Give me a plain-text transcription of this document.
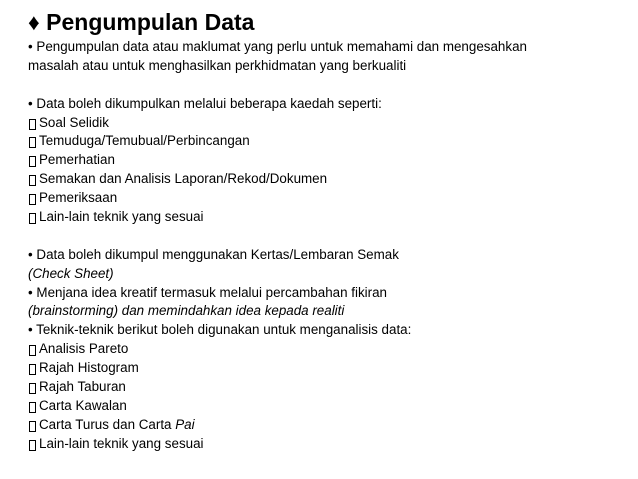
♦ Pengumpulan Data
• Pengumpulan data atau maklumat yang perlu untuk memahami dan mengesahkan
masalah atau untuk menghasilkan perkhidmatan yang berkualiti
• Data boleh dikumpulkan melalui beberapa kaedah seperti:
Soal Selidik
Temuduga/Temubual/Perbincangan
Pemerhatian
Semakan dan Analisis Laporan/Rekod/Dokumen
Pemeriksaan
Lain-lain teknik yang sesuai
• Data boleh dikumpul menggunakan Kertas/Lembaran Semak
(Check Sheet)
• Menjana idea kreatif termasuk melalui percambahan fikiran
(brainstorming) dan memindahkan idea kepada realiti
• Teknik-teknik berikut boleh digunakan untuk menganalisis data:
Analisis Pareto
Rajah Histogram
Rajah Taburan
Carta Kawalan
Carta Turus dan Carta Pai
Lain-lain teknik yang sesuai
